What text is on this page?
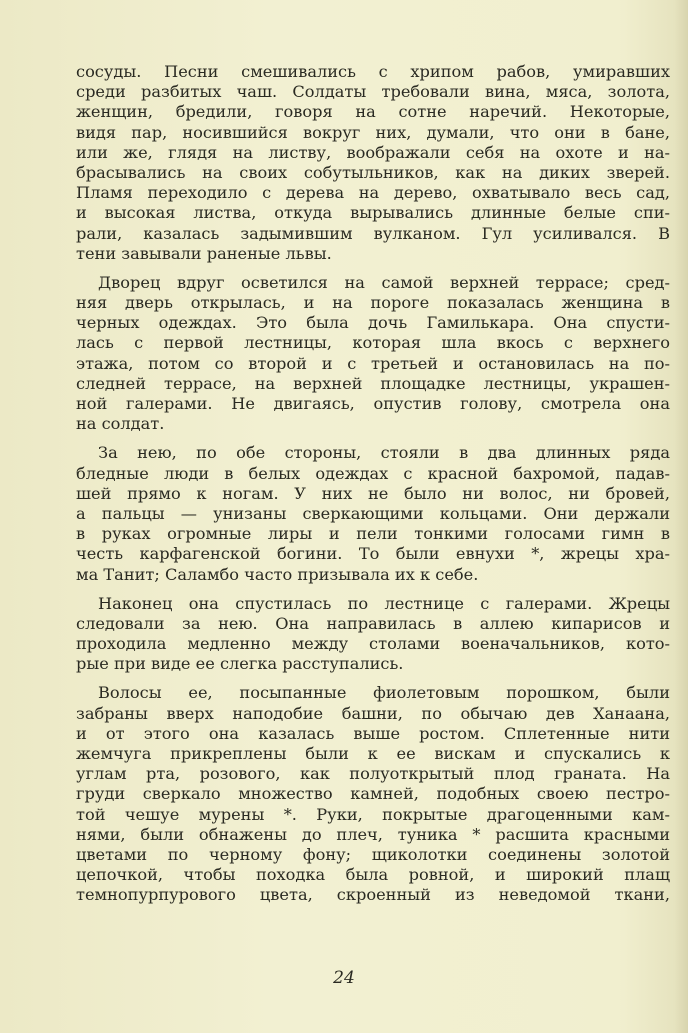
сосуды. Песни смешивались с хрипом рабов, умиравших
среди разбитых чаш. Солдаты требовали вина, мяса, золота,
женщин, бредили, говоря на сотне наречий. Некоторые,
видя пар, носившийся вокруг них, думали, что они в бане,
или же, глядя на листву, воображали себя на охоте и на-
брасывались на своих собутыльников, как на диких зверей.
Пламя переходило с дерева на дерево, охватывало весь сад,
и высокая листва, откуда вырывались длинные белые спи-
рали, казалась задымившим вулканом. Гул усиливался. В
тени завывали раненые львы.
Дворец вдруг осветился на самой верхней террасе; сред-
няя дверь открылась, и на пороге показалась женщина в
черных одеждах. Это была дочь Гамилькара. Она спусти-
лась с первой лестницы, которая шла вкось с верхнего
этажа, потом со второй и с третьей и остановилась на по-
следней террасе, на верхней площадке лестницы, украшен-
ной галерами. Не двигаясь, опустив голову, смотрела она
на солдат.
За нею, по обе стороны, стояли в два длинных ряда
бледные люди в белых одеждах с красной бахромой, падав-
шей прямо к ногам. У них не было ни волос, ни бровей,
а пальцы — унизаны сверкающими кольцами. Они держали
в руках огромные лиры и пели тонкими голосами гимн в
честь карфагенской богини. То были евнухи *, жрецы хра-
ма Танит; Саламбо часто призывала их к себе.
Наконец она спустилась по лестнице с галерами. Жрецы
следовали за нею. Она направилась в аллею кипарисов и
проходила медленно между столами военачальников, кото-
рые при виде ее слегка расступались.
Волосы ее, посыпанные фиолетовым порошком, были
забраны вверх наподобие башни, по обычаю дев Ханаана,
и от этого она казалась выше ростом. Сплетенные нити
жемчуга прикреплены были к ее вискам и спускались к
углам рта, розового, как полуоткрытый плод граната. На
груди сверкало множество камней, подобных своею пестро-
той чешуе мурены *. Руки, покрытые драгоценными кам-
нями, были обнажены до плеч, туника * расшита красными
цветами по черному фону; щиколотки соединены золотой
цепочкой, чтобы походка была ровной, и широкий плащ
темнопурпурового цвета, скроенный из неведомой ткани,
24
